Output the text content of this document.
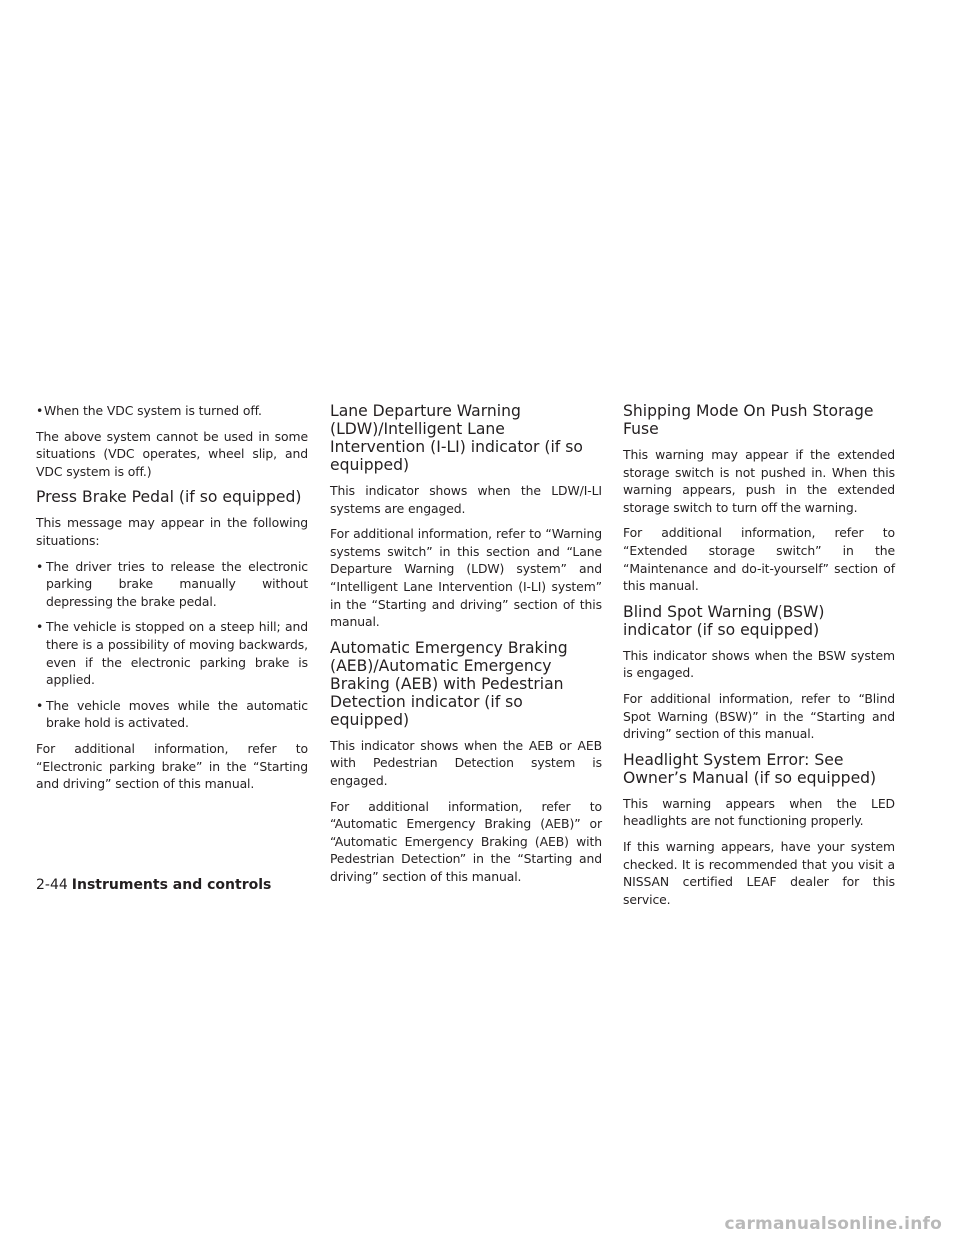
• When the VDC system is turned off.

The above system cannot be used in some situations (VDC operates, wheel slip, and VDC system is off.)

Press Brake Pedal (if so equipped)

This message may appear in the following situations:

• The driver tries to release the electronic parking brake manually without depressing the brake pedal.

• The vehicle is stopped on a steep hill; and there is a possibility of moving backwards, even if the electronic parking brake is applied.

• The vehicle moves while the automatic brake hold is activated.

For additional information, refer to “Electronic parking brake” in the “Starting and driving” section of this manual.

Lane Departure Warning (LDW)/Intelligent Lane Intervention (I-LI) indicator (if so equipped)

This indicator shows when the LDW/I-LI systems are engaged.

For additional information, refer to “Warning systems switch” in this section and “Lane Departure Warning (LDW) system” and “Intelligent Lane Intervention (I-LI) system” in the “Starting and driving” section of this manual.

Automatic Emergency Braking (AEB)/Automatic Emergency Braking (AEB) with Pedestrian Detection indicator (if so equipped)

This indicator shows when the AEB or AEB with Pedestrian Detection system is engaged.

For additional information, refer to “Automatic Emergency Braking (AEB)” or “Automatic Emergency Braking (AEB) with Pedestrian Detection” in the “Starting and driving” section of this manual.

Shipping Mode On Push Storage Fuse

This warning may appear if the extended storage switch is not pushed in. When this warning appears, push in the extended storage switch to turn off the warning.

For additional information, refer to “Extended storage switch” in the “Maintenance and do-it-yourself” section of this manual.

Blind Spot Warning (BSW) indicator (if so equipped)

This indicator shows when the BSW system is engaged.

For additional information, refer to “Blind Spot Warning (BSW)” in the “Starting and driving” section of this manual.

Headlight System Error: See Owner’s Manual (if so equipped)

This warning appears when the LED headlights are not functioning properly.

If this warning appears, have your system checked. It is recommended that you visit a NISSAN certified LEAF dealer for this service.

2-44 Instruments and controls
carmanualsonline.info
